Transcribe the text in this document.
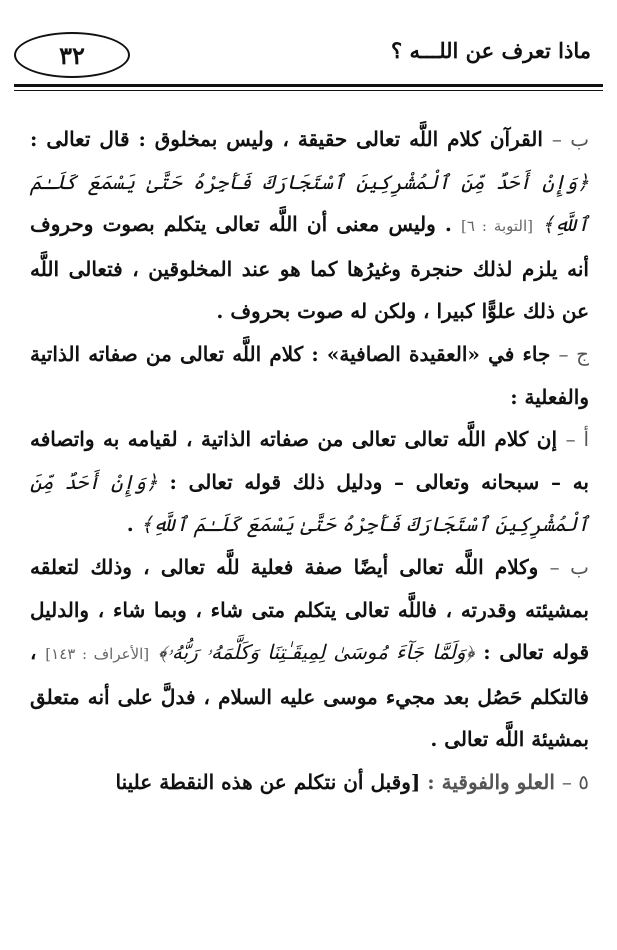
٣٢	ماذا تعرف عن اللـــه ؟

ب – القرآن كلام اللَّه تعالى حقيقة ، وليس بمخلوق : قال تعالى : ﴿وَإِنْ أَحَدٌ مِّنَ ٱلْمُشْرِكِينَ ٱسْتَجَارَكَ فَأَجِرْهُ حَتَّىٰ يَسْمَعَ كَلَـٰمَ ٱللَّهِ﴾ [التوبة : ٦] . وليس معنى أن اللَّه تعالى يتكلم بصوت وحروف أنه يلزم لذلك حنجرة وغيرُها كما هو عند المخلوقين ، فتعالى اللَّه عن ذلك علوًّا كبيرا ، ولكن له صوت بحروف .

ج – جاء في «العقيدة الصافية» : كلام اللَّه تعالى من صفاته الذاتية والفعلية :

أ – إن كلام اللَّه تعالى تعالى من صفاته الذاتية ، لقيامه به واتصافه به – سبحانه وتعالى – ودليل ذلك قوله تعالى : ﴿وَإِنْ أَحَدٌ مِّنَ ٱلْمُشْرِكِينَ ٱسْتَجَارَكَ فَأَجِرْهُ حَتَّىٰ يَسْمَعَ كَلَـٰمَ ٱللَّهِ﴾ .

ب – وكلام اللَّه تعالى أيضًا صفة فعلية للَّه تعالى ، وذلك لتعلقه بمشيئته وقدرته ، فاللَّه تعالى يتكلم متى شاء ، وبما شاء ، والدليل قوله تعالى : ﴿وَلَمَّا جَآءَ مُوسَىٰ لِمِيقَـٰتِنَا وَكَلَّمَهُۥ رَبُّهُۥ﴾ [الأعراف : ١٤٣] ، فالتكلم حَصُل بعد مجيء موسى عليه السلام ، فدلَّ على أنه متعلق بمشيئة اللَّه تعالى .

٥ – العلو والفوقية : [وقبل أن نتكلم عن هذه النقطة علينا
